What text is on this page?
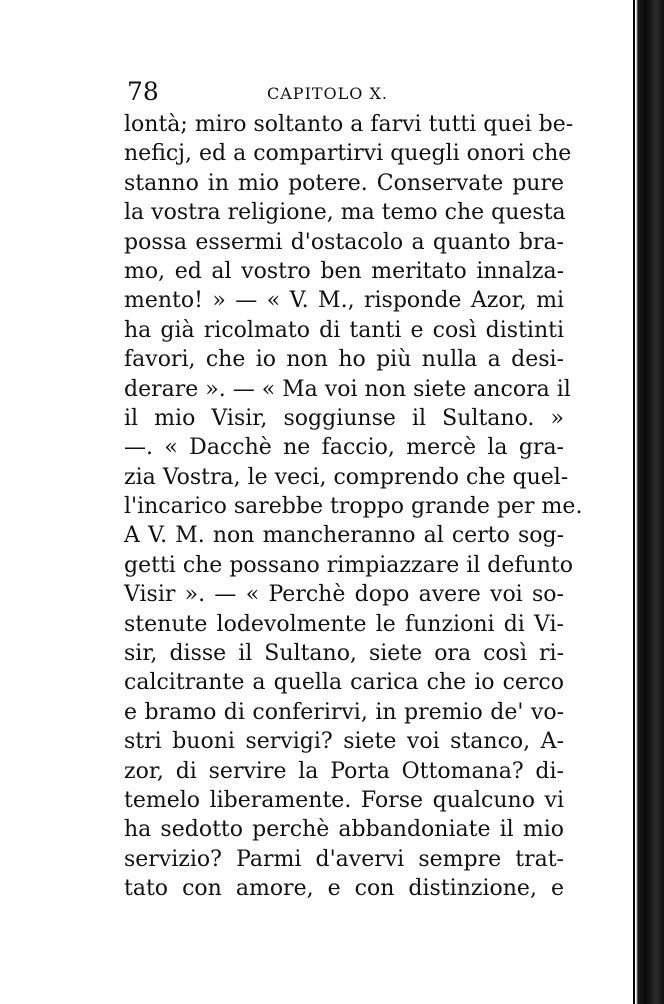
78	CAPITOLO X.
lontà; miro soltanto a farvi tutti quei be-
neficj, ed a compartirvi quegli onori che
stanno in mio potere. Conservate pure
la vostra religione, ma temo che questa
possa essermi d'ostacolo a quanto bra-
mo, ed al vostro ben meritato innalza-
mento! » — « V. M., risponde Azor, mi
ha già ricolmato di tanti e così distinti
favori, che io non ho più nulla a desi-
derare ». — « Ma voi non siete ancora il
il mio Visir, soggiunse il Sultano. »
—. « Dacchè ne faccio, mercè la gra-
zia Vostra, le veci, comprendo che quel-
l'incarico sarebbe troppo grande per me.
A V. M. non mancheranno al certo sog-
getti che possano rimpiazzare il defunto
Visir ». — « Perchè dopo avere voi so-
stenute lodevolmente le funzioni di Vi-
sir, disse il Sultano, siete ora così ri-
calcitrante a quella carica che io cerco
e bramo di conferirvi, in premio de' vo-
stri buoni servigi? siete voi stanco, A-
zor, di servire la Porta Ottomana? di-
temelo liberamente. Forse qualcuno vi
ha sedotto perchè abbandoniate il mio
servizio? Parmi d'avervi sempre trat-
tato con amore, e con distinzione, e
